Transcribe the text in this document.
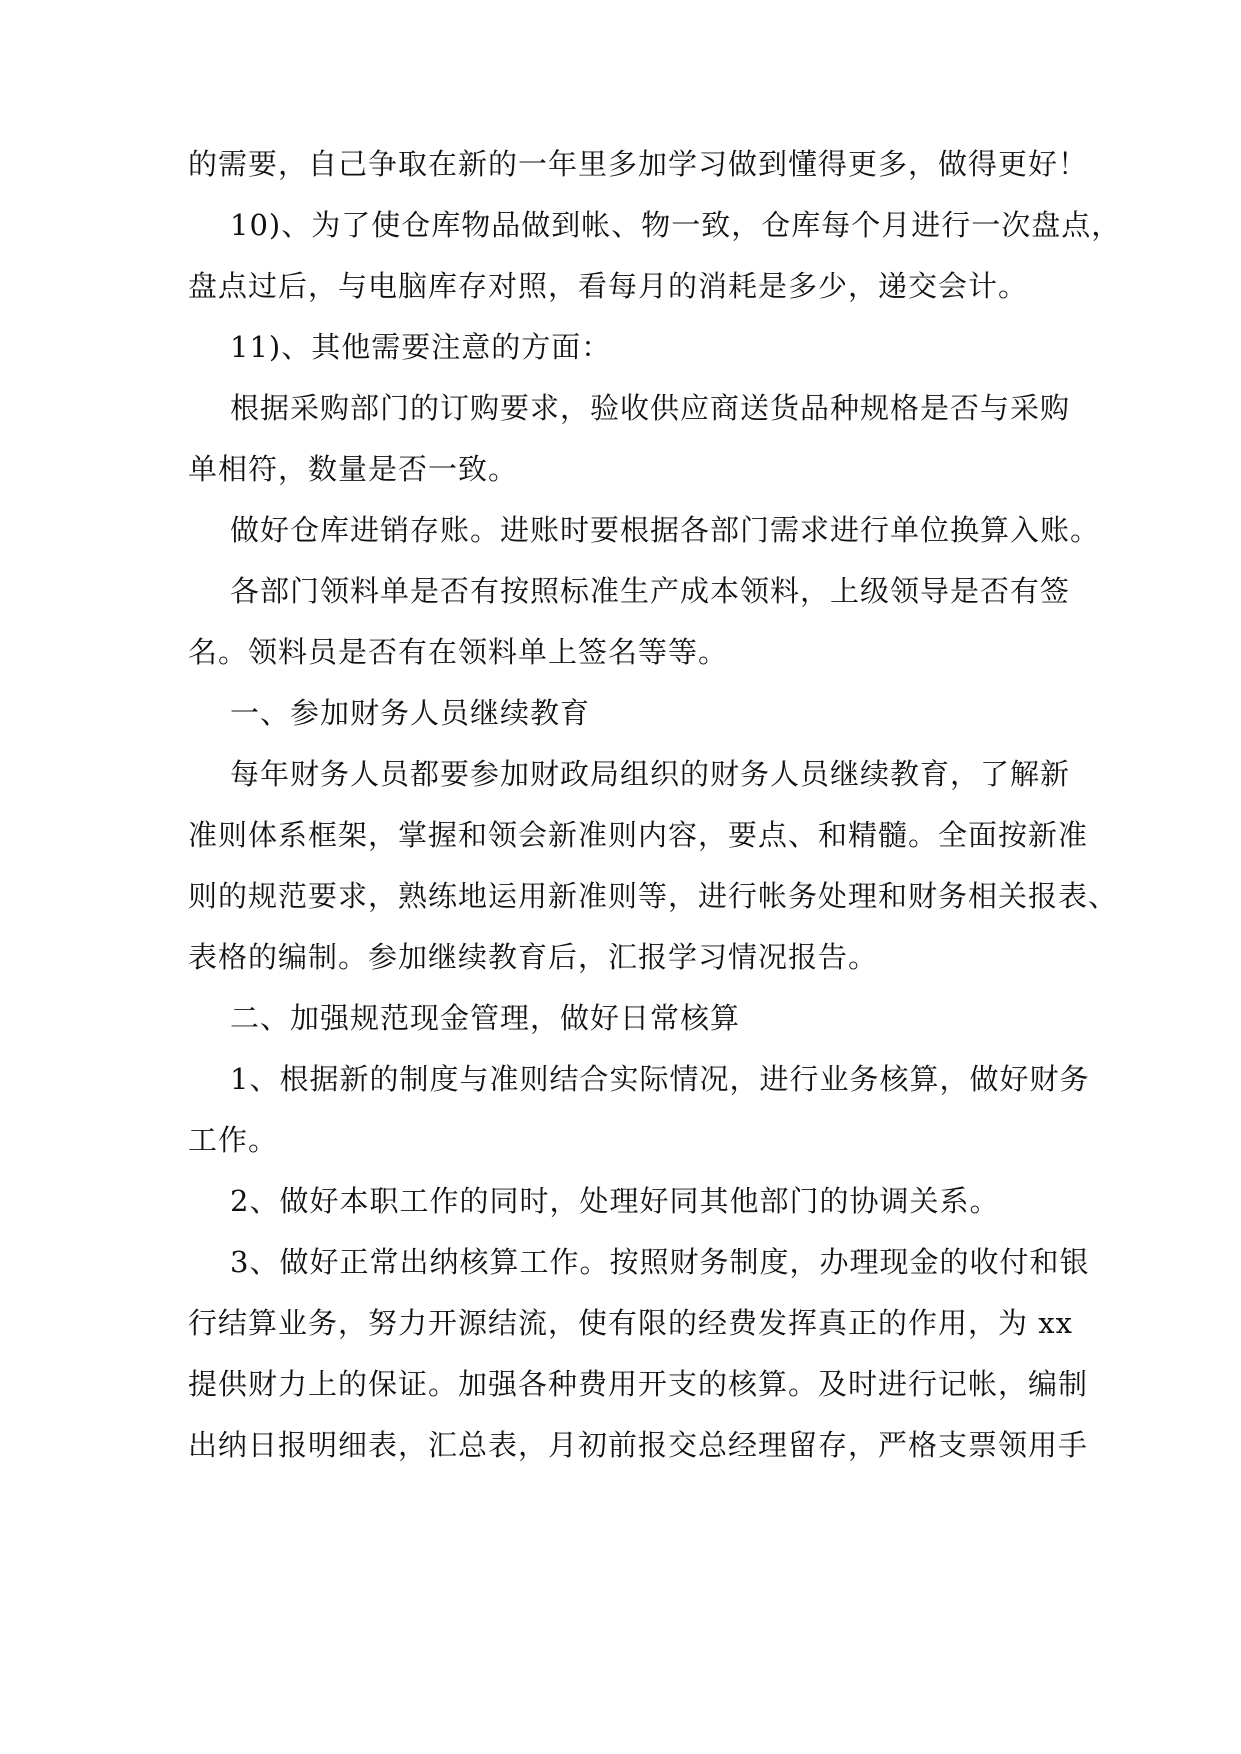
的需要，自己争取在新的一年里多加学习做到懂得更多，做得更好！
10)、为了使仓库物品做到帐、物一致，仓库每个月进行一次盘点，
盘点过后，与电脑库存对照，看每月的消耗是多少，递交会计。
11)、其他需要注意的方面：
根据采购部门的订购要求，验收供应商送货品种规格是否与采购
单相符，数量是否一致。
做好仓库进销存账。进账时要根据各部门需求进行单位换算入账。
各部门领料单是否有按照标准生产成本领料，上级领导是否有签
名。领料员是否有在领料单上签名等等。
一、参加财务人员继续教育
每年财务人员都要参加财政局组织的财务人员继续教育，了解新
准则体系框架，掌握和领会新准则内容，要点、和精髓。全面按新准
则的规范要求，熟练地运用新准则等，进行帐务处理和财务相关报表、
表格的编制。参加继续教育后，汇报学习情况报告。
二、加强规范现金管理，做好日常核算
1、根据新的制度与准则结合实际情况，进行业务核算，做好财务
工作。
2、做好本职工作的同时，处理好同其他部门的协调关系。
3、做好正常出纳核算工作。按照财务制度，办理现金的收付和银
行结算业务，努力开源结流，使有限的经费发挥真正的作用，为 xx
提供财力上的保证。加强各种费用开支的核算。及时进行记帐，编制
出纳日报明细表，汇总表，月初前报交总经理留存，严格支票领用手
